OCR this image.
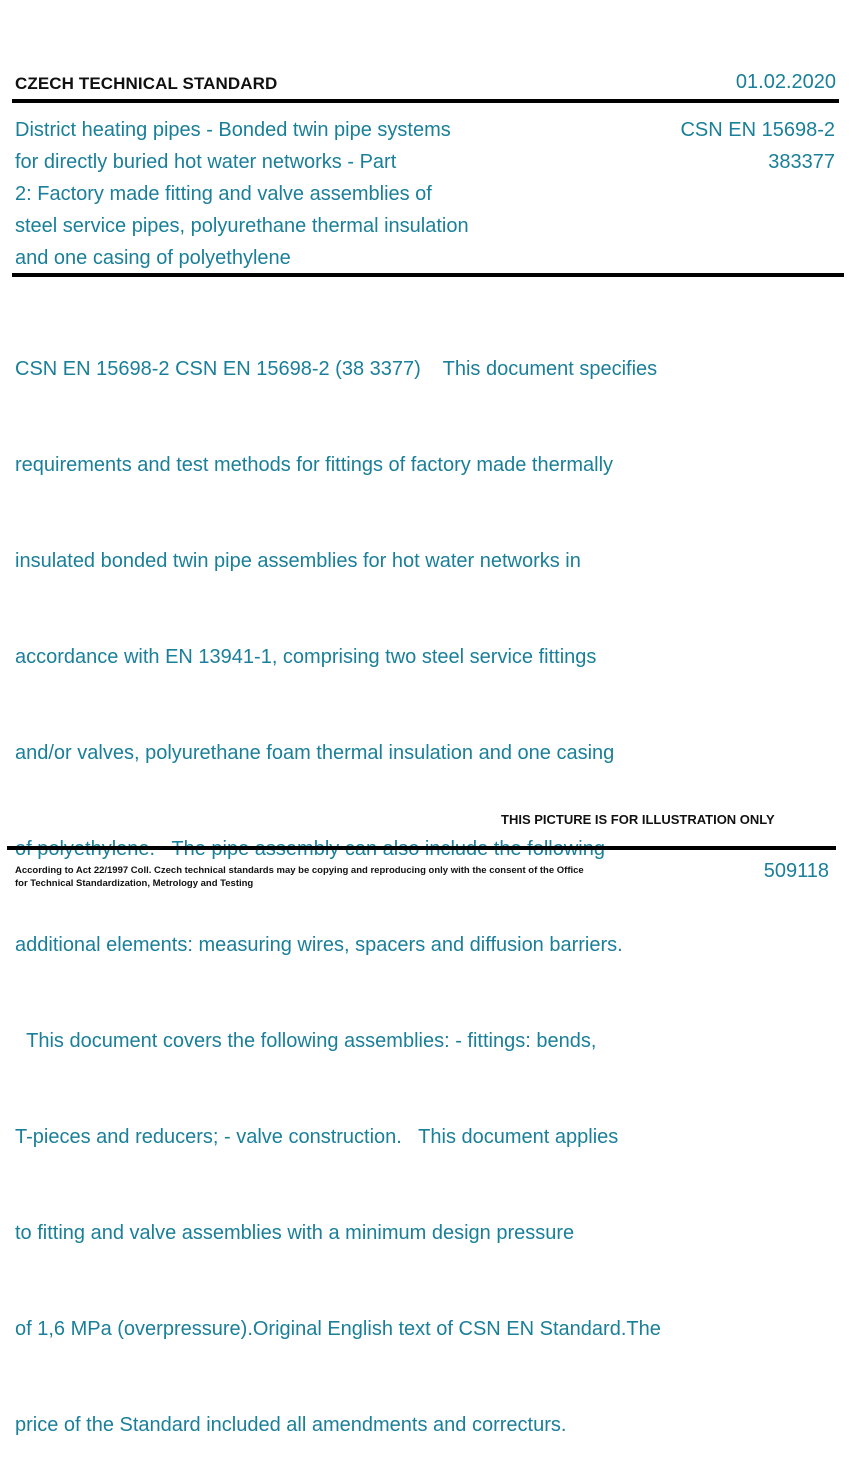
CZECH TECHNICAL STANDARD	01.02.2020
District heating pipes - Bonded twin pipe systems
for directly buried hot water networks - Part
2: Factory made fitting and valve assemblies of
steel service pipes, polyurethane thermal insulation
and one casing of polyethylene
CSN EN 15698-2
383377

CSN EN 15698-2 CSN EN 15698-2 (38 3377)    This document specifies

requirements and test methods for fittings of factory made thermally

insulated bonded twin pipe assemblies for hot water networks in

accordance with EN 13941-1, comprising two steel service fittings

and/or valves, polyurethane foam thermal insulation and one casing

additional elements: measuring wires, spacers and diffusion barriers.

This document covers the following assemblies: - fittings: bends,

T-pieces and reducers; - valve construction.   This document applies

to fitting and valve assemblies with a minimum design pressure

of 1,6 MPa (overpressure).Original English text of CSN EN Standard.The

price of the Standard included all amendments and correcturs.

THIS PICTURE IS FOR ILLUSTRATION ONLY
According to Act 22/1997 Coll. Czech technical standards may be copying and reproducing only with the consent of the Office
for Technical Standardization, Metrology and Testing
509118
